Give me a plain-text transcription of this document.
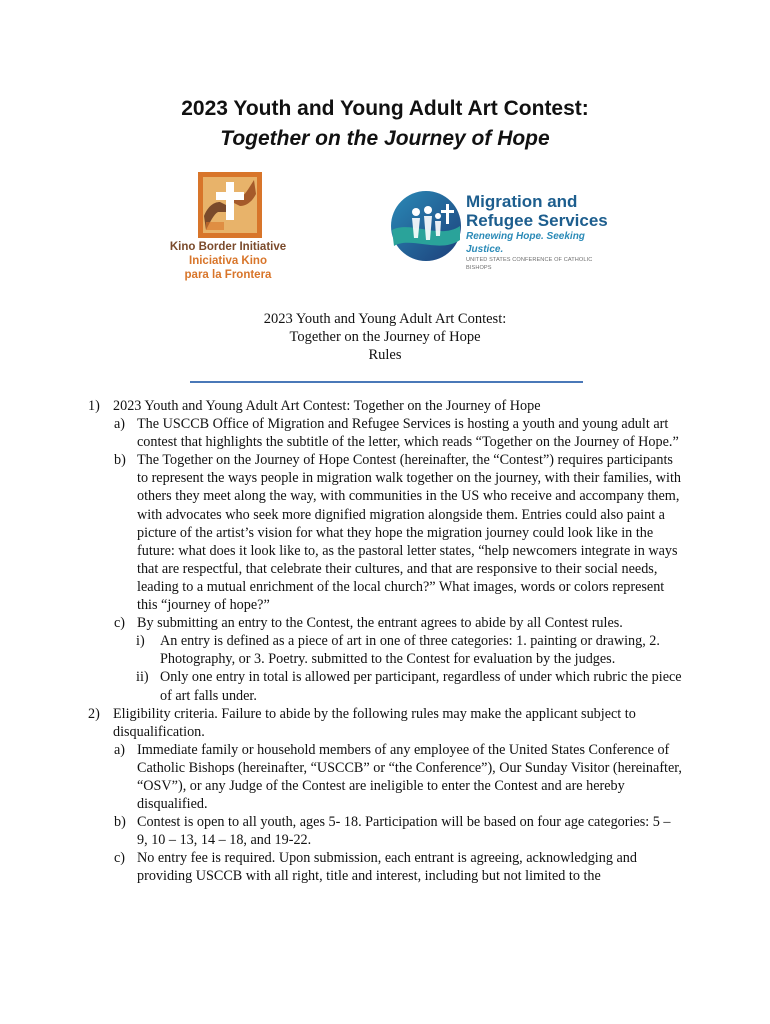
2023 Youth and Young Adult Art Contest:
Together on the Journey of Hope
Kino Border Initiative
Iniciativa Kino
para la Frontera
Migration and
Refugee Services
Renewing Hope. Seeking Justice.
UNITED STATES CONFERENCE OF CATHOLIC BISHOPS
2023 Youth and Young Adult Art Contest:
Together on the Journey of Hope
Rules
1) 2023 Youth and Young Adult Art Contest: Together on the Journey of Hope
a) The USCCB Office of Migration and Refugee Services is hosting a youth and young adult art contest that highlights the subtitle of the letter, which reads “Together on the Journey of Hope.”
b) The Together on the Journey of Hope Contest (hereinafter, the “Contest”) requires participants to represent the ways people in migration walk together on the journey, with their families, with others they meet along the way, with communities in the US who receive and accompany them, with advocates who seek more dignified migration alongside them. Entries could also paint a picture of the artist’s vision for what they hope the migration journey could look like in the future: what does it look like to, as the pastoral letter states, “help newcomers integrate in ways that are respectful, that celebrate their cultures, and that are responsive to their social needs, leading to a mutual enrichment of the local church?” What images, words or colors represent this “journey of hope?”
c) By submitting an entry to the Contest, the entrant agrees to abide by all Contest rules.
i) An entry is defined as a piece of art in one of three categories: 1. painting or drawing, 2. Photography, or 3. Poetry. submitted to the Contest for evaluation by the judges.
ii) Only one entry in total is allowed per participant, regardless of under which rubric the piece of art falls under.
2) Eligibility criteria. Failure to abide by the following rules may make the applicant subject to disqualification.
a) Immediate family or household members of any employee of the United States Conference of Catholic Bishops (hereinafter, “USCCB” or “the Conference”), Our Sunday Visitor (hereinafter, “OSV”), or any Judge of the Contest are ineligible to enter the Contest and are hereby disqualified.
b) Contest is open to all youth, ages 5- 18. Participation will be based on four age categories: 5 – 9, 10 – 13, 14 – 18, and 19-22.
c) No entry fee is required. Upon submission, each entrant is agreeing, acknowledging and providing USCCB with all right, title and interest, including but not limited to the
